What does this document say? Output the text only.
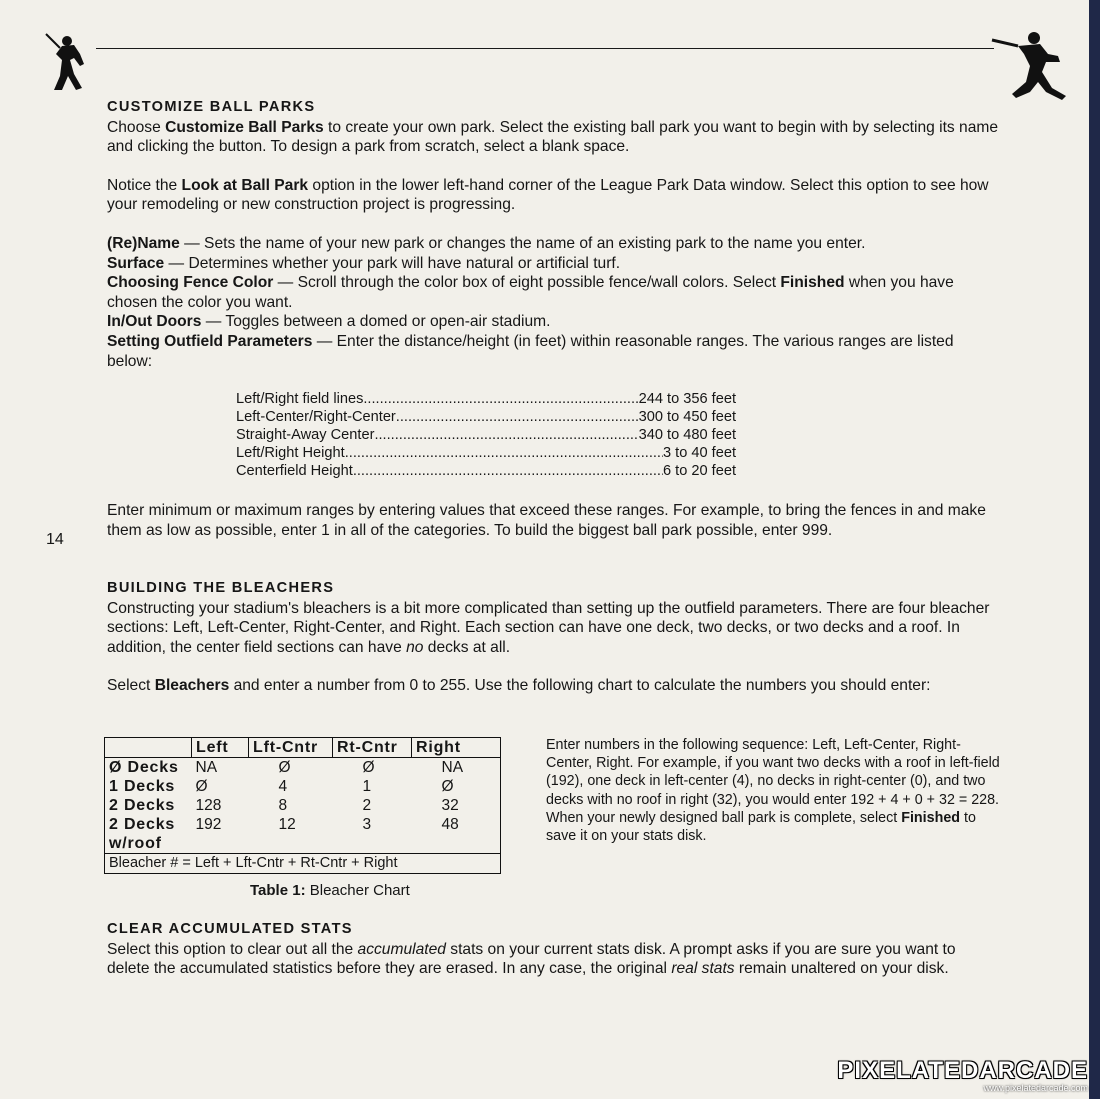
CUSTOMIZE BALL PARKS

Choose Customize Ball Parks to create your own park. Select the existing ball park you want to begin with by selecting its name and clicking the button. To design a park from scratch, select a blank space.

Notice the Look at Ball Park option in the lower left-hand corner of the League Park Data window. Select this option to see how your remodeling or new construction project is progressing.

(Re)Name — Sets the name of your new park or changes the name of an existing park to the name you enter.

Surface — Determines whether your park will have natural or artificial turf.

Choosing Fence Color — Scroll through the color box of eight possible fence/wall colors. Select Finished when you have chosen the color you want.

In/Out Doors — Toggles between a domed or open-air stadium.

Setting Outfield Parameters — Enter the distance/height (in feet) within reasonable ranges. The various ranges are listed below:

Left/Right field lines .....	244 to 356 feet
Left-Center/Right-Center .....	300 to 450 feet
Straight-Away Center .....	340 to 480 feet
Left/Right Height .....	3 to 40 feet
Centerfield Height .....	6 to 20 feet

Enter minimum or maximum ranges by entering values that exceed these ranges. For example, to bring the fences in and make them as low as possible, enter 1 in all of the categories. To build the biggest ball park possible, enter 999.

14

BUILDING THE BLEACHERS

Constructing your stadium's bleachers is a bit more complicated than setting up the outfield parameters. There are four bleacher sections: Left, Left-Center, Right-Center, and Right. Each section can have one deck, two decks, or two decks and a roof. In addition, the center field sections can have no decks at all.

Select Bleachers and enter a number from 0 to 255. Use the following chart to calculate the numbers you should enter:

	Left	Lft-Cntr	Rt-Cntr	Right
Ø Decks	NA	Ø	Ø	NA
1 Decks	Ø	4	1	Ø
2 Decks	128	8	2	32
2 Decks	192	12	3	48
w/roof				
Bleacher # = Left + Lft-Cntr + Rt-Cntr + Right				
Table 1: Bleacher Chart
Enter numbers in the following sequence: Left, Left-Center, Right-Center, Right. For example, if you want two decks with a roof in left-field (192), one deck in left-center (4), no decks in right-center (0), and two decks with no roof in right (32), you would enter 192 + 4 + 0 + 32 = 228. When your newly designed ball park is complete, select Finished to save it on your stats disk.

CLEAR ACCUMULATED STATS

Select this option to clear out all the accumulated stats on your current stats disk. A prompt asks if you are sure you want to delete the accumulated statistics before they are erased. In any case, the original real stats remain unaltered on your disk.

PIXELATEDARCADE
www.pixelatedarcade.com
